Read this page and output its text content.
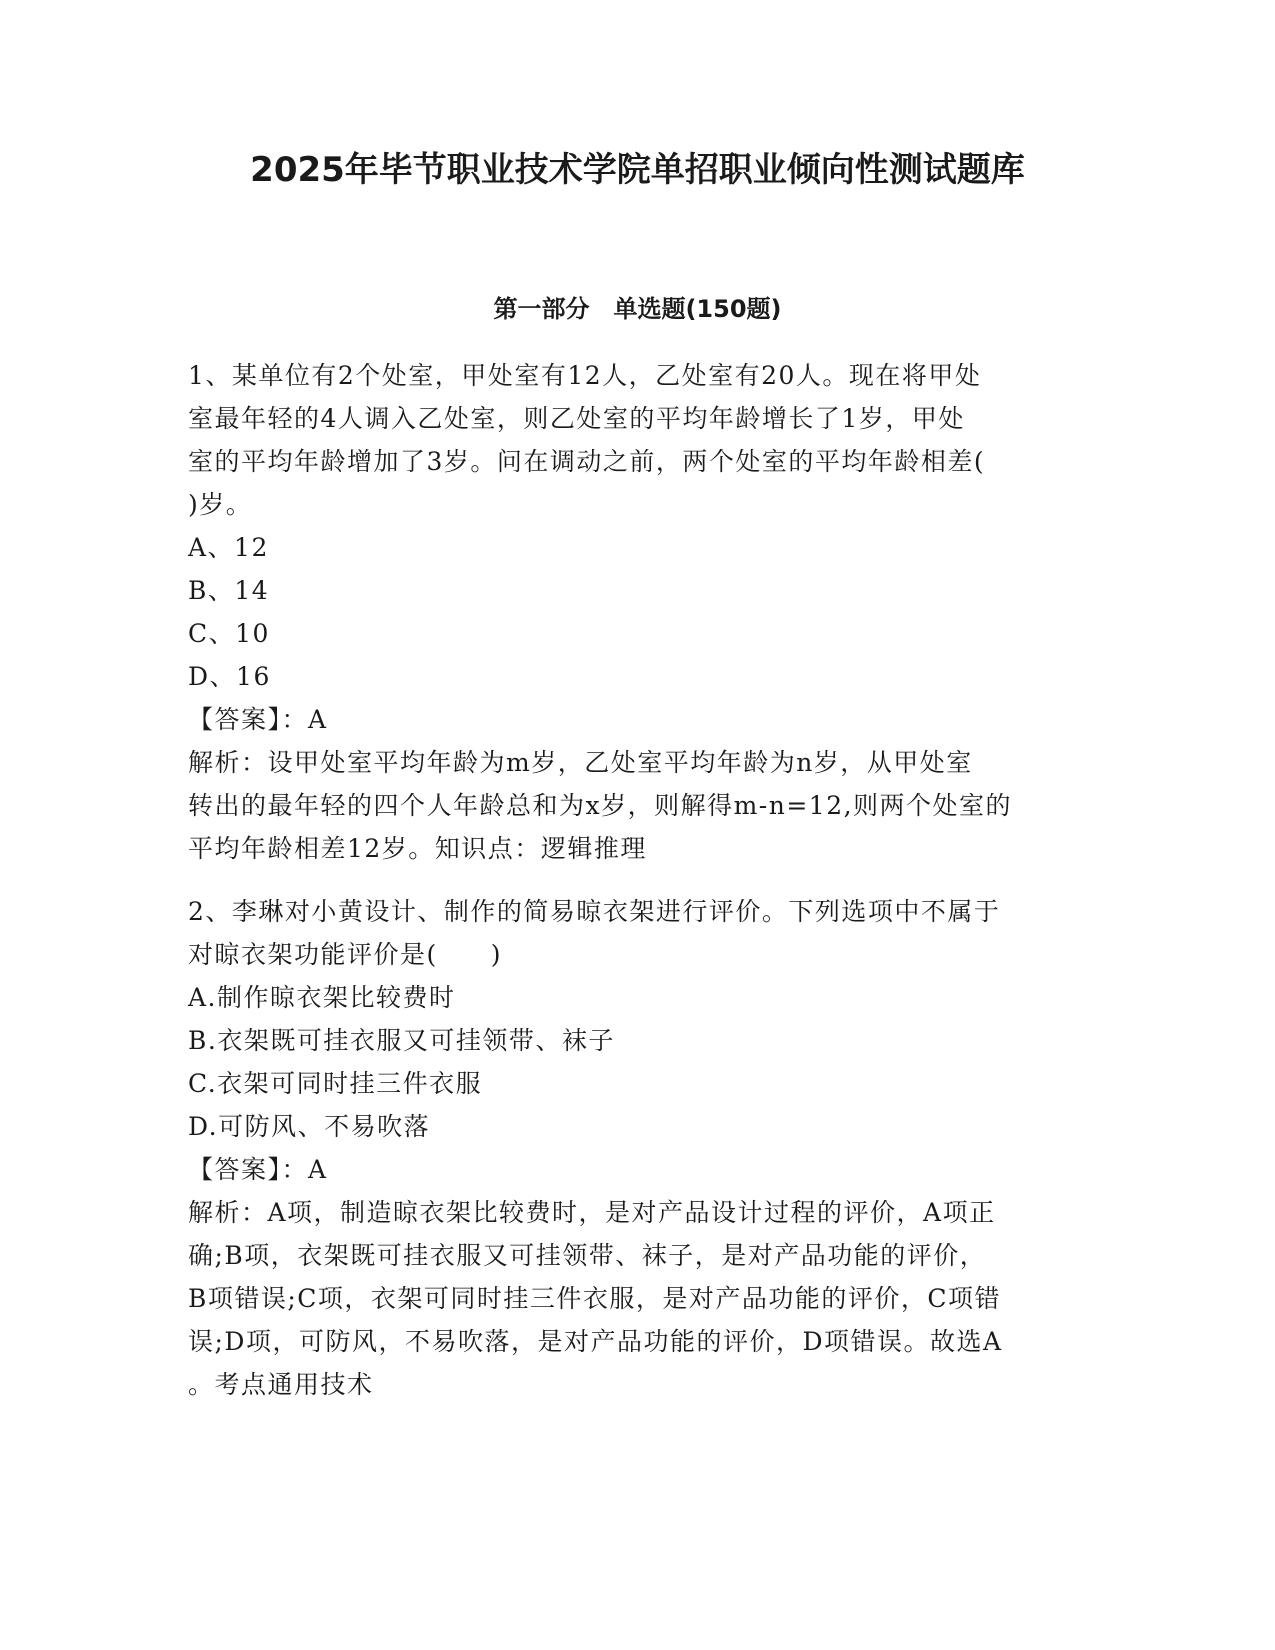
2025年毕节职业技术学院单招职业倾向性测试题库
第一部分　单选题(150题)
1、某单位有2个处室，甲处室有12人，乙处室有20人。现在将甲处
室最年轻的4人调入乙处室，则乙处室的平均年龄增长了1岁，甲处
室的平均年龄增加了3岁。问在调动之前，两个处室的平均年龄相差(
)岁。
A、12
B、14
C、10
D、16
【答案】：A
解析：设甲处室平均年龄为m岁，乙处室平均年龄为n岁，从甲处室
转出的最年轻的四个人年龄总和为x岁，则解得m-n=12,则两个处室的
平均年龄相差12岁。知识点：逻辑推理
2、李琳对小黄设计、制作的简易晾衣架进行评价。下列选项中不属于
对晾衣架功能评价是(　　)
A.制作晾衣架比较费时
B.衣架既可挂衣服又可挂领带、袜子
C.衣架可同时挂三件衣服
D.可防风、不易吹落
【答案】：A
解析：A项，制造晾衣架比较费时，是对产品设计过程的评价，A项正
确;B项，衣架既可挂衣服又可挂领带、袜子，是对产品功能的评价，
B项错误;C项，衣架可同时挂三件衣服，是对产品功能的评价，C项错
误;D项，可防风，不易吹落，是对产品功能的评价，D项错误。故选A
。考点通用技术
